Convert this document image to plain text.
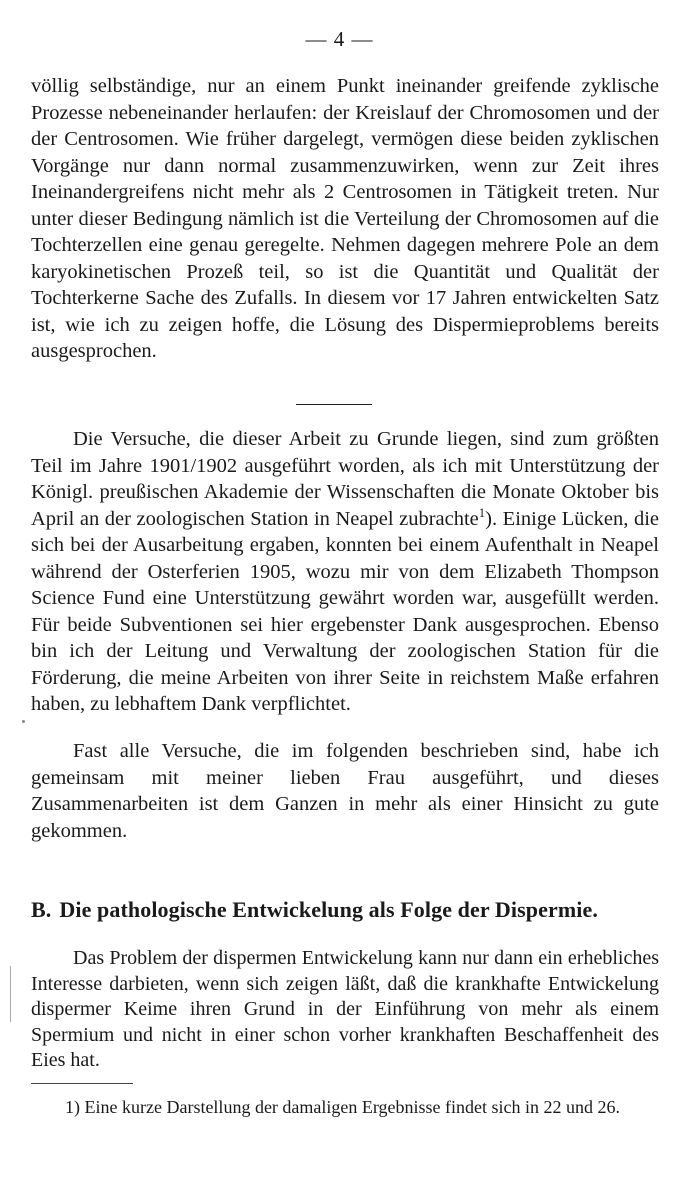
— 4 —

völlig selbständige, nur an einem Punkt ineinander greifende zyklische Prozesse nebeneinander herlaufen: der Kreislauf der Chromosomen und der der Centrosomen. Wie früher dargelegt, vermögen diese beiden zyklischen Vorgänge nur dann normal zusammenzuwirken, wenn zur Zeit ihres Ineinandergreifens nicht mehr als 2 Centrosomen in Tätigkeit treten. Nur unter dieser Bedingung nämlich ist die Verteilung der Chromosomen auf die Tochterzellen eine genau geregelte. Nehmen dagegen mehrere Pole an dem karyokinetischen Prozeß teil, so ist die Quantität und Qualität der Tochterkerne Sache des Zufalls. In diesem vor 17 Jahren entwickelten Satz ist, wie ich zu zeigen hoffe, die Lösung des Dispermieproblems bereits ausgesprochen.

Die Versuche, die dieser Arbeit zu Grunde liegen, sind zum größten Teil im Jahre 1901/1902 ausgeführt worden, als ich mit Unterstützung der Königl. preußischen Akademie der Wissenschaften die Monate Oktober bis April an der zoologischen Station in Neapel zubrachte$^1$). Einige Lücken, die sich bei der Ausarbeitung ergaben, konnten bei einem Aufenthalt in Neapel während der Osterferien 1905, wozu mir von dem Elizabeth Thompson Science Fund eine Unterstützung gewährt worden war, ausgefüllt werden. Für beide Subventionen sei hier ergebenster Dank ausgesprochen. Ebenso bin ich der Leitung und Verwaltung der zoologischen Station für die Förderung, die meine Arbeiten von ihrer Seite in reichstem Maße erfahren haben, zu lebhaftem Dank verpflichtet.

Fast alle Versuche, die im folgenden beschrieben sind, habe ich gemeinsam mit meiner lieben Frau ausgeführt, und dieses Zusammenarbeiten ist dem Ganzen in mehr als einer Hinsicht zu gute gekommen.

B. Die pathologische Entwickelung als Folge der Dispermie.

Das Problem der dispermen Entwickelung kann nur dann ein erhebliches Interesse darbieten, wenn sich zeigen läßt, daß die krankhafte Entwickelung dispermer Keime ihren Grund in der Einführung von mehr als einem Spermium und nicht in einer schon vorher krankhaften Beschaffenheit des Eies hat.

1) Eine kurze Darstellung der damaligen Ergebnisse findet sich in 22 und 26.
